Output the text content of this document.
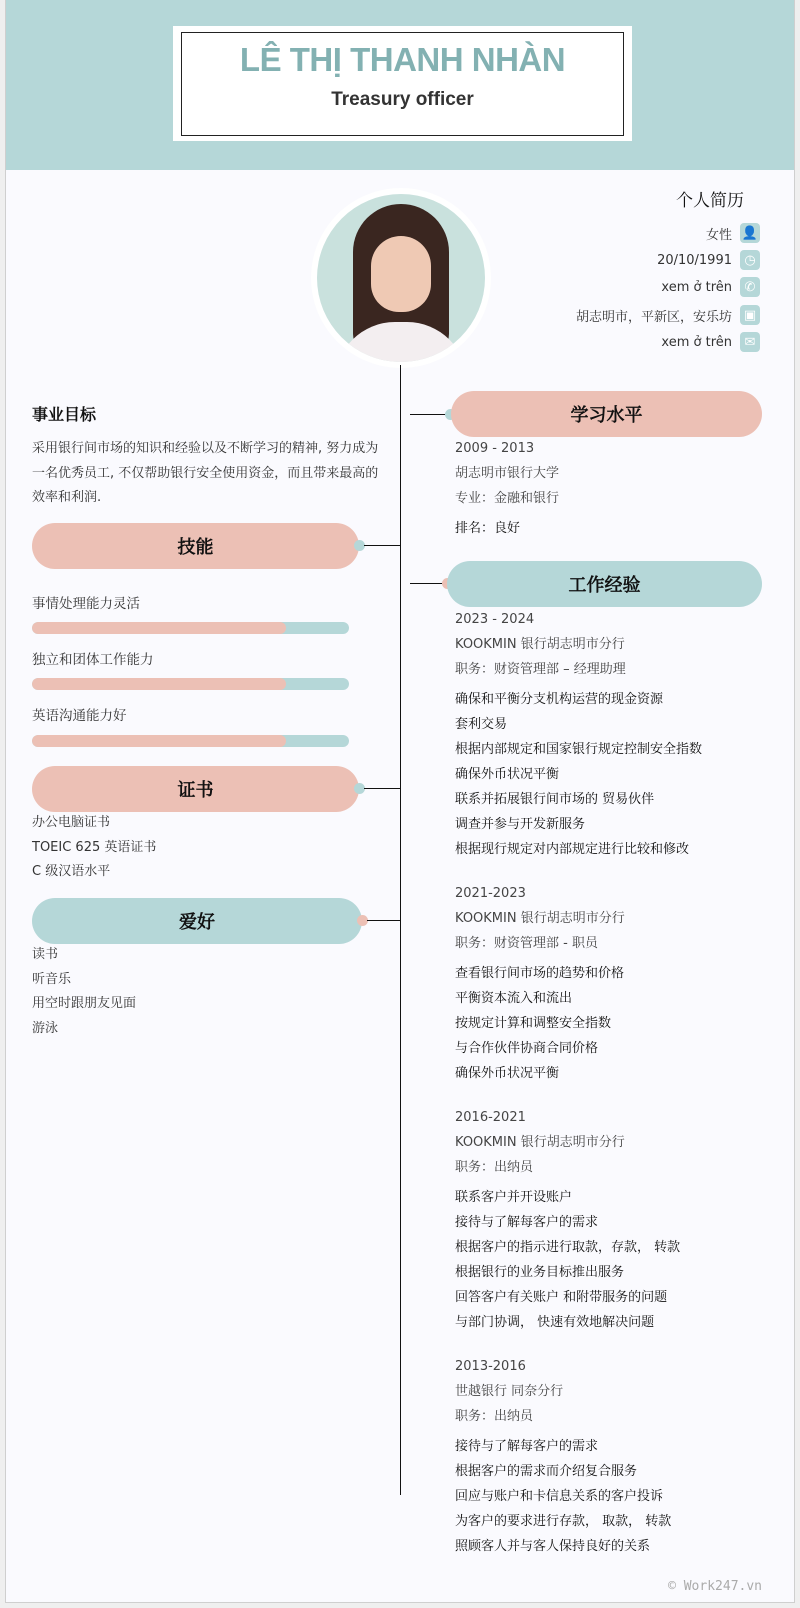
LÊ THỊ THANH NHÀN
Treasury officer
个人简历
事业目标
采用银行间市场的知识和经验以及不断学习的精神, 努力成为
一名优秀员工, 不仅帮助银行安全使用资金，而且带来最高的
效率和利润.
技能
事情处理能力灵活
独立和团体工作能力
英语沟通能力好
证书
办公电脑证书
TOEIC 625 英语证书
C 级汉语水平
爱好
读书
听音乐
用空时跟朋友见面
游泳
学习水平
2009 - 2013
胡志明市银行大学
专业：金融和银行
排名：良好
工作经验
2023 - 2024
KOOKMIN 银行胡志明市分行
职务：财资管理部 – 经理助理
确保和平衡分支机构运营的现金资源
套利交易
根据内部规定和国家银行规定控制安全指数
确保外币状况平衡
联系并拓展银行间市场的 贸易伙伴
调查并参与开发新服务
根据现行规定对内部规定进行比较和修改
2021-2023
KOOKMIN 银行胡志明市分行
职务：财资管理部 - 职员
查看银行间市场的趋势和价格
平衡资本流入和流出
按规定计算和调整安全指数
与合作伙伴协商合同价格
确保外币状况平衡
2016-2021
KOOKMIN 银行胡志明市分行
职务：出纳员
联系客户并开设账户
接待与了解每客户的需求
根据客户的指示进行取款，存款， 转款
根据银行的业务目标推出服务
回答客户有关账户 和附带服务的问题
与部门协调， 快速有效地解决问题
2013-2016
世越银行 同奈分行
职务：出纳员
接待与了解每客户的需求
根据客户的需求而介绍复合服务
回应与账户和卡信息关系的客户投诉
为客户的要求进行存款， 取款， 转款
照顾客人并与客人保持良好的关系
© Work247.vn
女性 👤
20/10/1991 ◷
xem ở trên ✆
胡志明市，平新区，安乐坊 ▣
xem ở trên ✉
